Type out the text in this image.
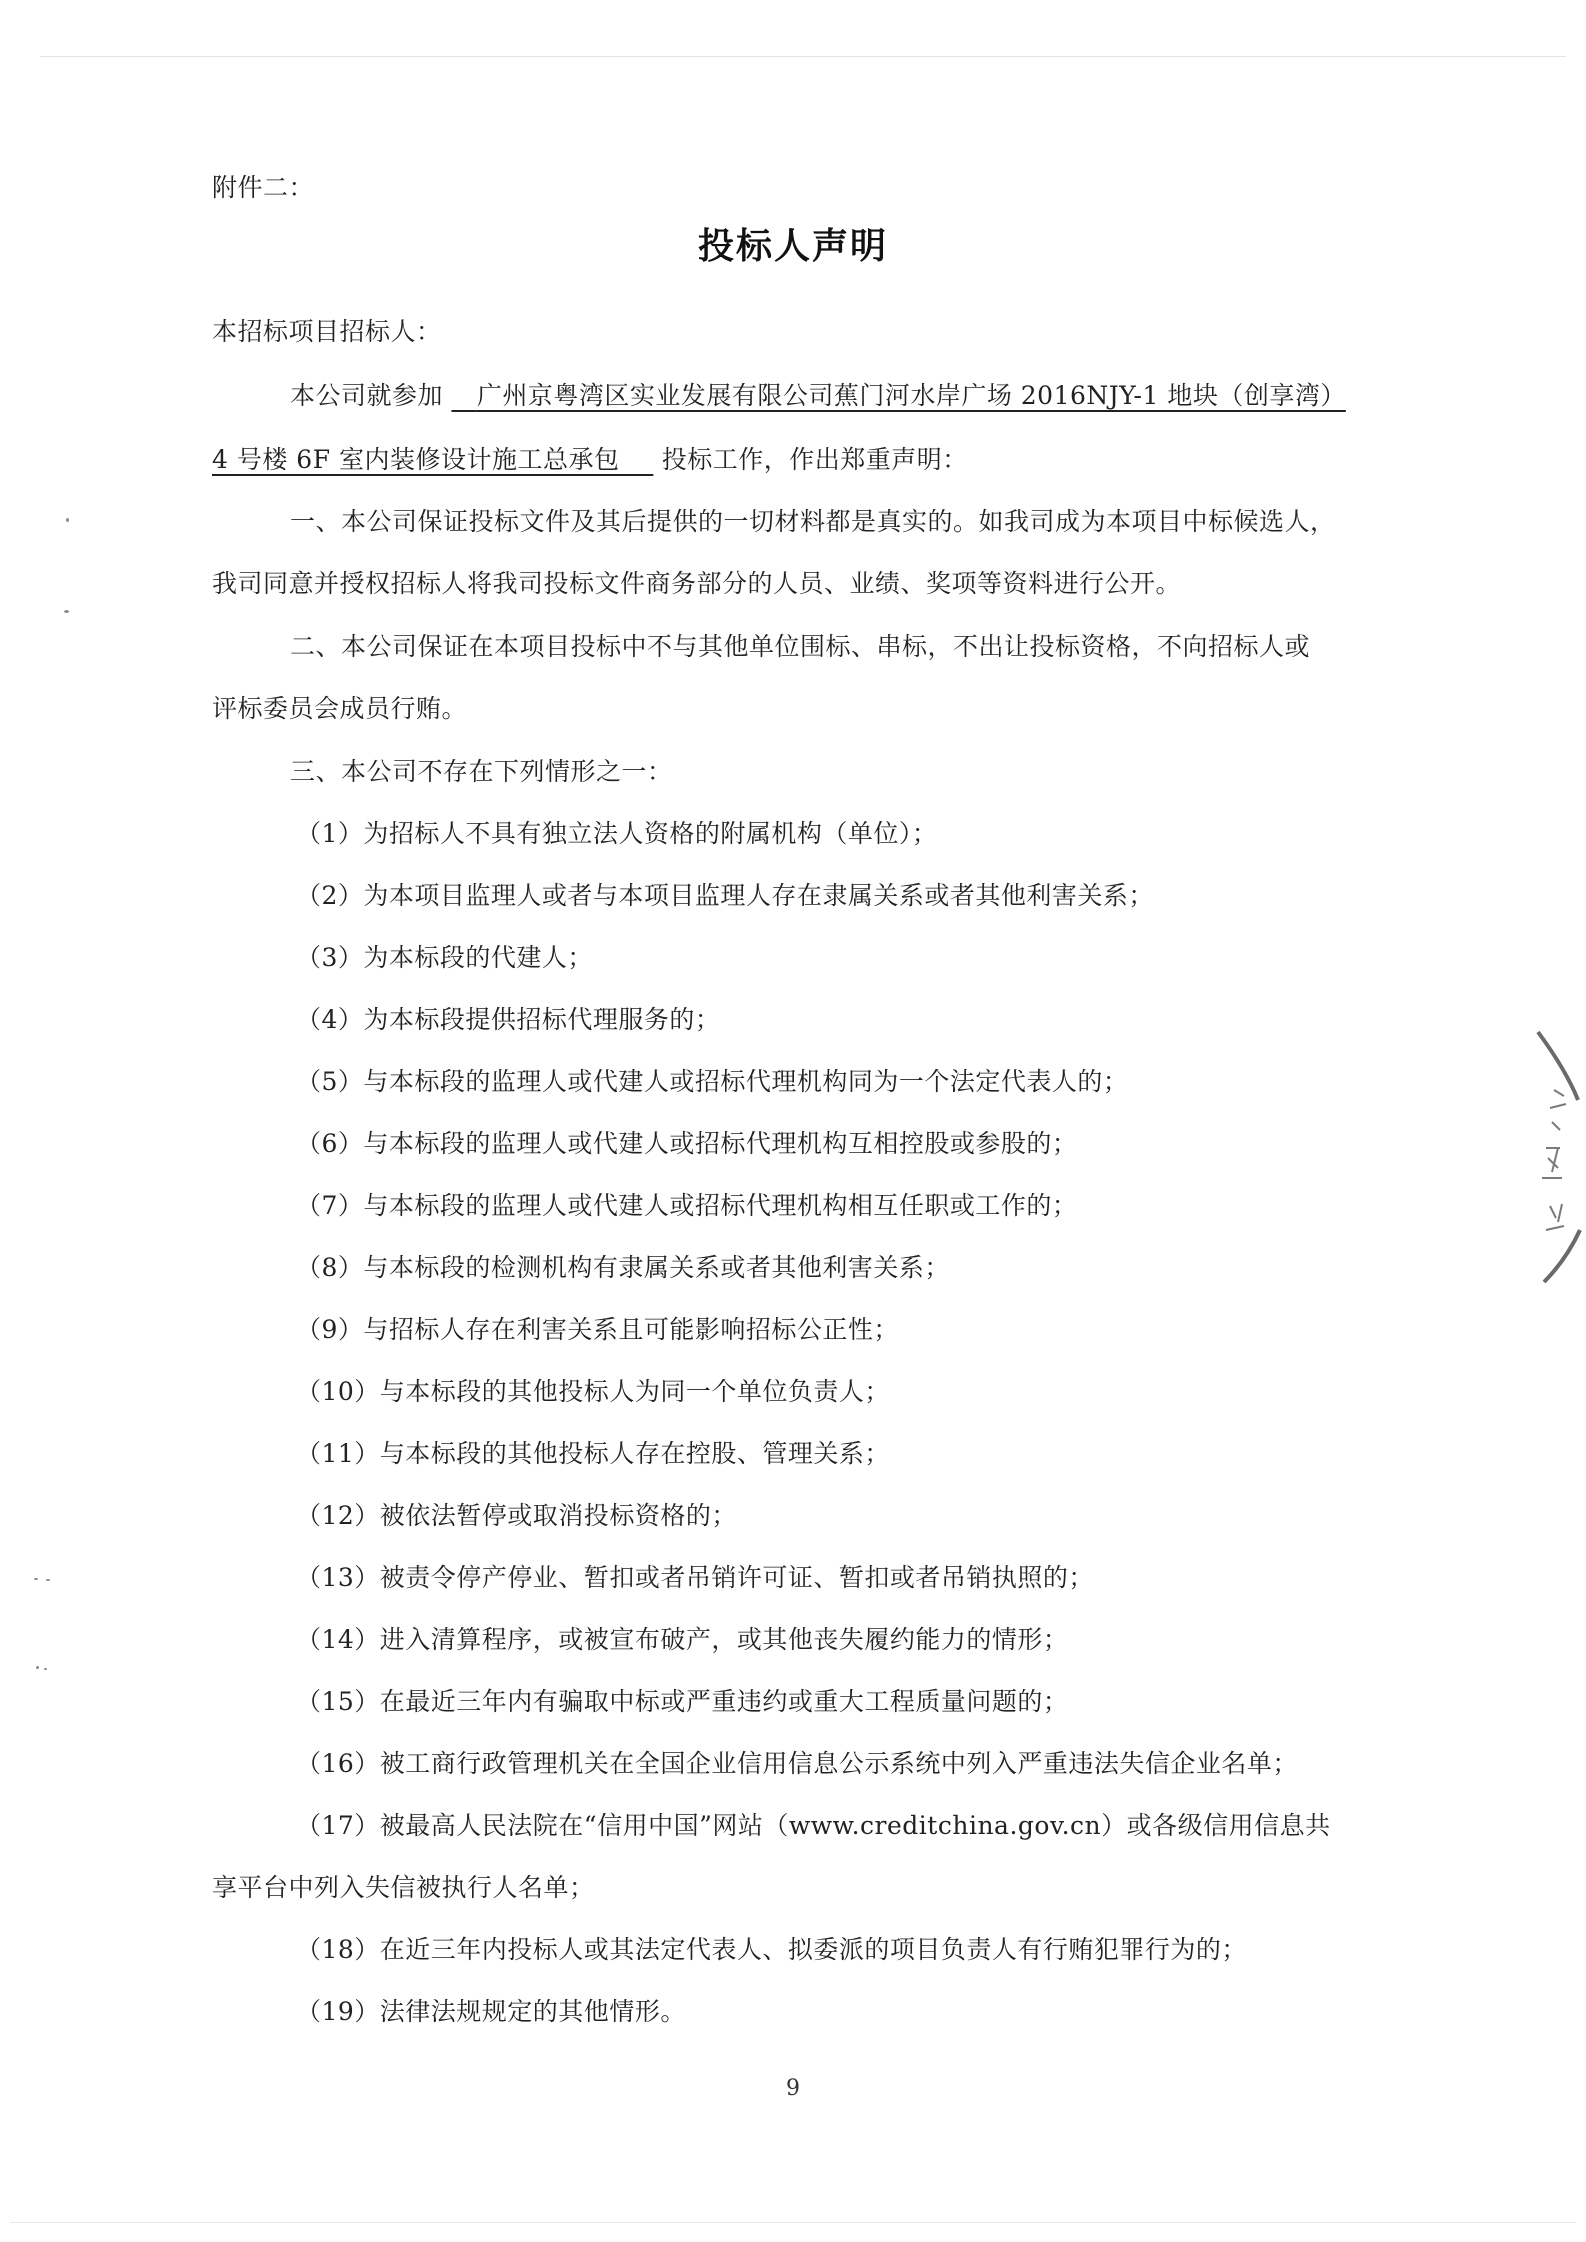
附件二：
投标人声明
本招标项目招标人：
本公司就参加 广州京粤湾区实业发展有限公司蕉门河水岸广场 2016NJY-1 地块（创享湾）
4 号楼 6F 室内装修设计施工总承包 投标工作，作出郑重声明：
一、本公司保证投标文件及其后提供的一切材料都是真实的。如我司成为本项目中标候选人，
我司同意并授权招标人将我司投标文件商务部分的人员、业绩、奖项等资料进行公开。
二、本公司保证在本项目投标中不与其他单位围标、串标，不出让投标资格，不向招标人或
评标委员会成员行贿。
三、本公司不存在下列情形之一：
（1）为招标人不具有独立法人资格的附属机构（单位）；
（2）为本项目监理人或者与本项目监理人存在隶属关系或者其他利害关系；
（3）为本标段的代建人；
（4）为本标段提供招标代理服务的；
（5）与本标段的监理人或代建人或招标代理机构同为一个法定代表人的；
（6）与本标段的监理人或代建人或招标代理机构互相控股或参股的；
（7）与本标段的监理人或代建人或招标代理机构相互任职或工作的；
（8）与本标段的检测机构有隶属关系或者其他利害关系；
（9）与招标人存在利害关系且可能影响招标公正性；
（10）与本标段的其他投标人为同一个单位负责人；
（11）与本标段的其他投标人存在控股、管理关系；
（12）被依法暂停或取消投标资格的；
（13）被责令停产停业、暂扣或者吊销许可证、暂扣或者吊销执照的；
（14）进入清算程序，或被宣布破产，或其他丧失履约能力的情形；
（15）在最近三年内有骗取中标或严重违约或重大工程质量问题的；
（16）被工商行政管理机关在全国企业信用信息公示系统中列入严重违法失信企业名单；
（17）被最高人民法院在“信用中国”网站（www.creditchina.gov.cn）或各级信用信息共
享平台中列入失信被执行人名单；
（18）在近三年内投标人或其法定代表人、拟委派的项目负责人有行贿犯罪行为的；
（19）法律法规规定的其他情形。
9
